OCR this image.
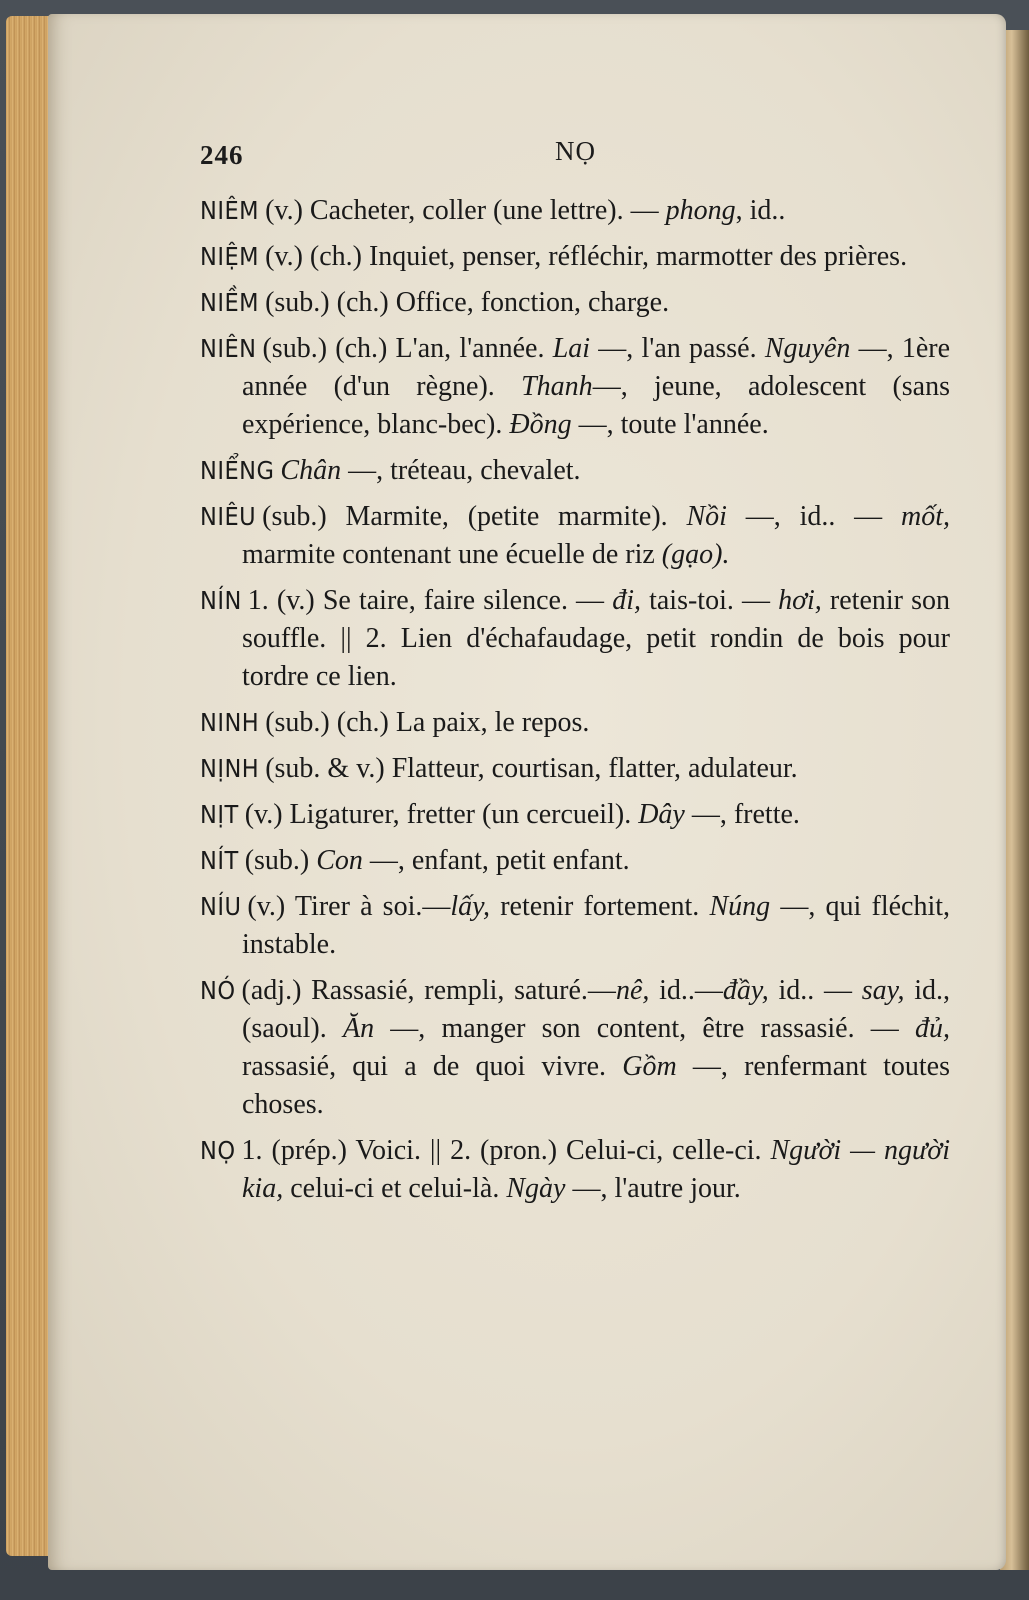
246	NỌ

NIÊM (v.) Cacheter, coller (une lettre). — phong, id..

NIỆM (v.) (ch.) Inquiet, penser, réfléchir, marmotter des prières.

NIỀM (sub.) (ch.) Office, fonction, charge.

NIÊN (sub.) (ch.) L'an, l'année. Lai —, l'an passé. Nguyên —, 1ère année (d'un règne). Thanh—, jeune, adolescent (sans expérience, blanc-bec). Đồng —, toute l'année.

NIỂNG Chân —, tréteau, chevalet.

NIÊU (sub.) Marmite, (petite marmite). Nồi —, id.. — mốt, marmite contenant une écuelle de riz (gạo).

NÍN 1. (v.) Se taire, faire silence. — đi, tais-toi. — hơi, retenir son souffle. || 2. Lien d'échafaudage, petit rondin de bois pour tordre ce lien.

NINH (sub.) (ch.) La paix, le repos.

NỊNH (sub. & v.) Flatteur, courtisan, flatter, adulateur.

NỊT (v.) Ligaturer, fretter (un cercueil). Dây —, frette.

NÍT (sub.) Con —, enfant, petit enfant.

NÍU (v.) Tirer à soi.—lấy, retenir fortement. Núng —, qui fléchit, instable.

NÓ (adj.) Rassasié, rempli, saturé.—nê, id..—đầy, id.. — say, id., (saoul). Ăn —, manger son content, être rassasié. — đủ, rassasié, qui a de quoi vivre. Gồm —, renfermant toutes choses.

NỌ 1. (prép.) Voici. || 2. (pron.) Celui-ci, celle-ci. Người — người kia, celui-ci et celui-là. Ngày —, l'autre jour.
